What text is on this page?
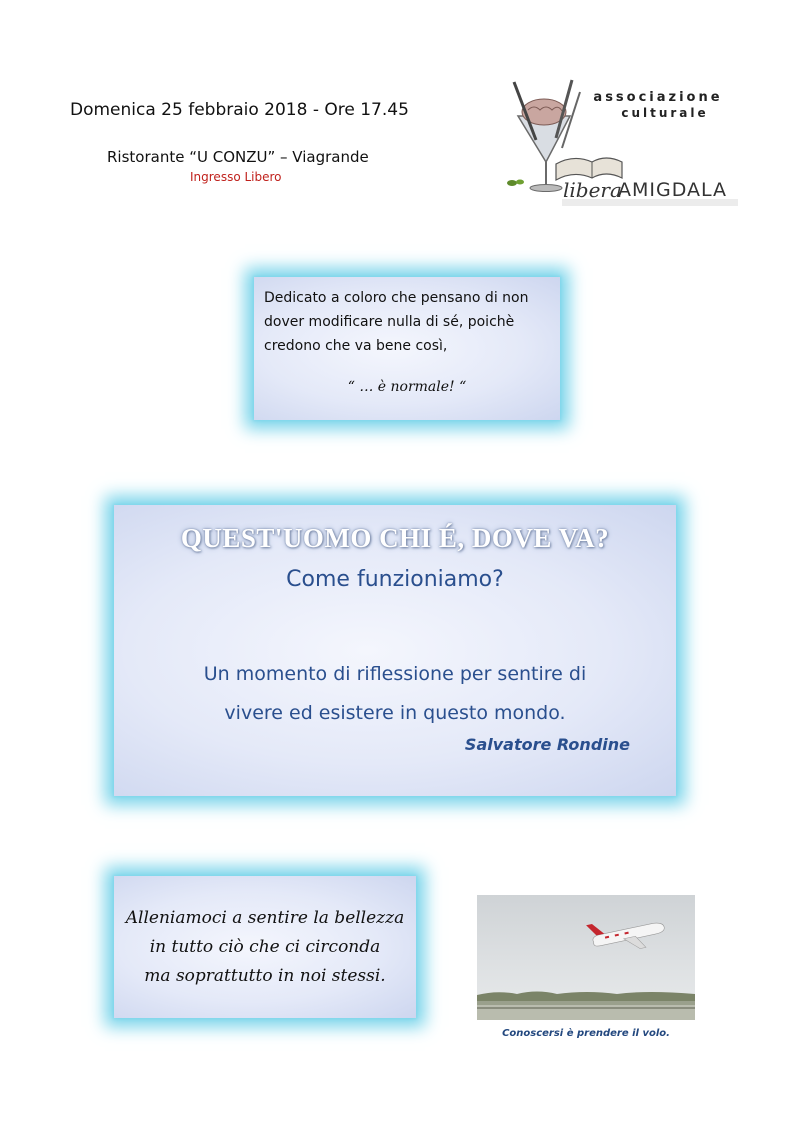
Domenica 25 febbraio 2018 - Ore 17.45
Ristorante “U CONZU” – Viagrande
Ingresso Libero
associazione
culturale
libera
AMIGDALA
Dedicato a coloro che pensano di non dover modificare nulla di sé, poichè credono che va bene così,
“ … è normale! “
QUEST'UOMO CHI É, DOVE VA?
Come funzioniamo?
Un momento di riflessione per sentire di
vivere ed esistere in questo mondo.
Salvatore Rondine
Alleniamoci a sentire la bellezza
in tutto ciò che ci circonda
ma soprattutto in noi stessi.
Conoscersi è prendere il volo.
